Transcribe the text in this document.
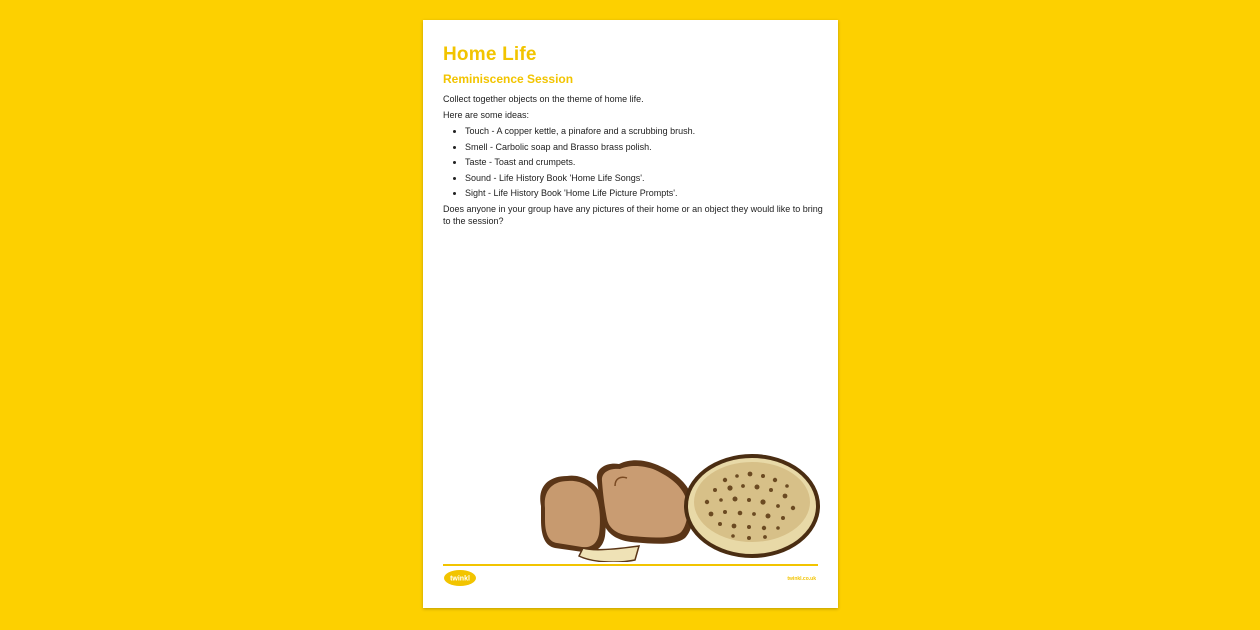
Home Life
Reminiscence Session

Collect together objects on the theme of home life.

Here are some ideas:

• Touch - A copper kettle, a pinafore and a scrubbing brush.
• Smell - Carbolic soap and Brasso brass polish.
• Taste - Toast and crumpets.
• Sound - Life History Book 'Home Life Songs'.
• Sight - Life History Book 'Home Life Picture Prompts'.

Does anyone in your group have any pictures of their home or an object they would like to bring to the session?

twinkl	twinkl.co.uk
